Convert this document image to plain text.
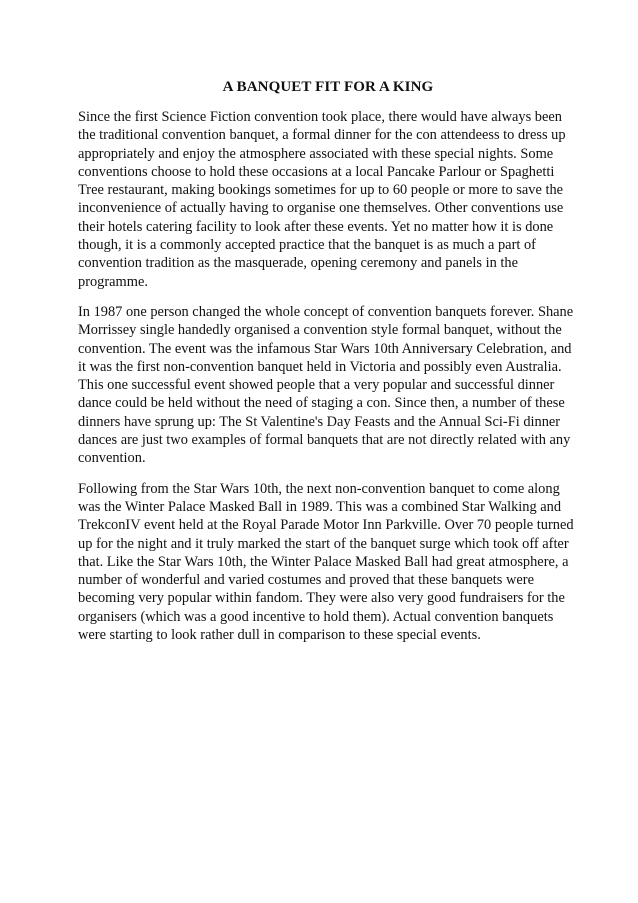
A BANQUET FIT FOR A KING

Since the first Science Fiction convention took place, there would have always been the traditional convention banquet, a formal dinner for the con attendeess to dress up appropriately and enjoy the atmosphere associated with these special nights. Some conventions choose to hold these occasions at a local Pancake Parlour or Spaghetti Tree restaurant, making bookings sometimes for up to 60 people or more to save the inconvenience of actually having to organise one themselves. Other conventions use their hotels catering facility to look after these events. Yet no matter how it is done though, it is a commonly accepted practice that the banquet is as much a part of convention tradition as the masquerade, opening ceremony and panels in the programme.

In 1987 one person changed the whole concept of convention banquets forever. Shane Morrissey single handedly organised a convention style formal banquet, without the convention. The event was the infamous Star Wars 10th Anniversary Celebration, and it was the first non-convention banquet held in Victoria and possibly even Australia. This one successful event showed people that a very popular and successful dinner dance could be held without the need of staging a con. Since then, a number of these dinners have sprung up: The St Valentine's Day Feasts and the Annual Sci-Fi dinner dances are just two examples of formal banquets that are not directly related with any convention.

Following from the Star Wars 10th, the next non-convention banquet to come along was the Winter Palace Masked Ball in 1989. This was a combined Star Walking and TrekconIV event held at the Royal Parade Motor Inn Parkville. Over 70 people turned up for the night and it truly marked the start of the banquet surge which took off after that. Like the Star Wars 10th, the Winter Palace Masked Ball had great atmosphere, a number of wonderful and varied costumes and proved that these banquets were becoming very popular within fandom. They were also very good fundraisers for the organisers (which was a good incentive to hold them). Actual convention banquets were starting to look rather dull in comparison to these special events.
